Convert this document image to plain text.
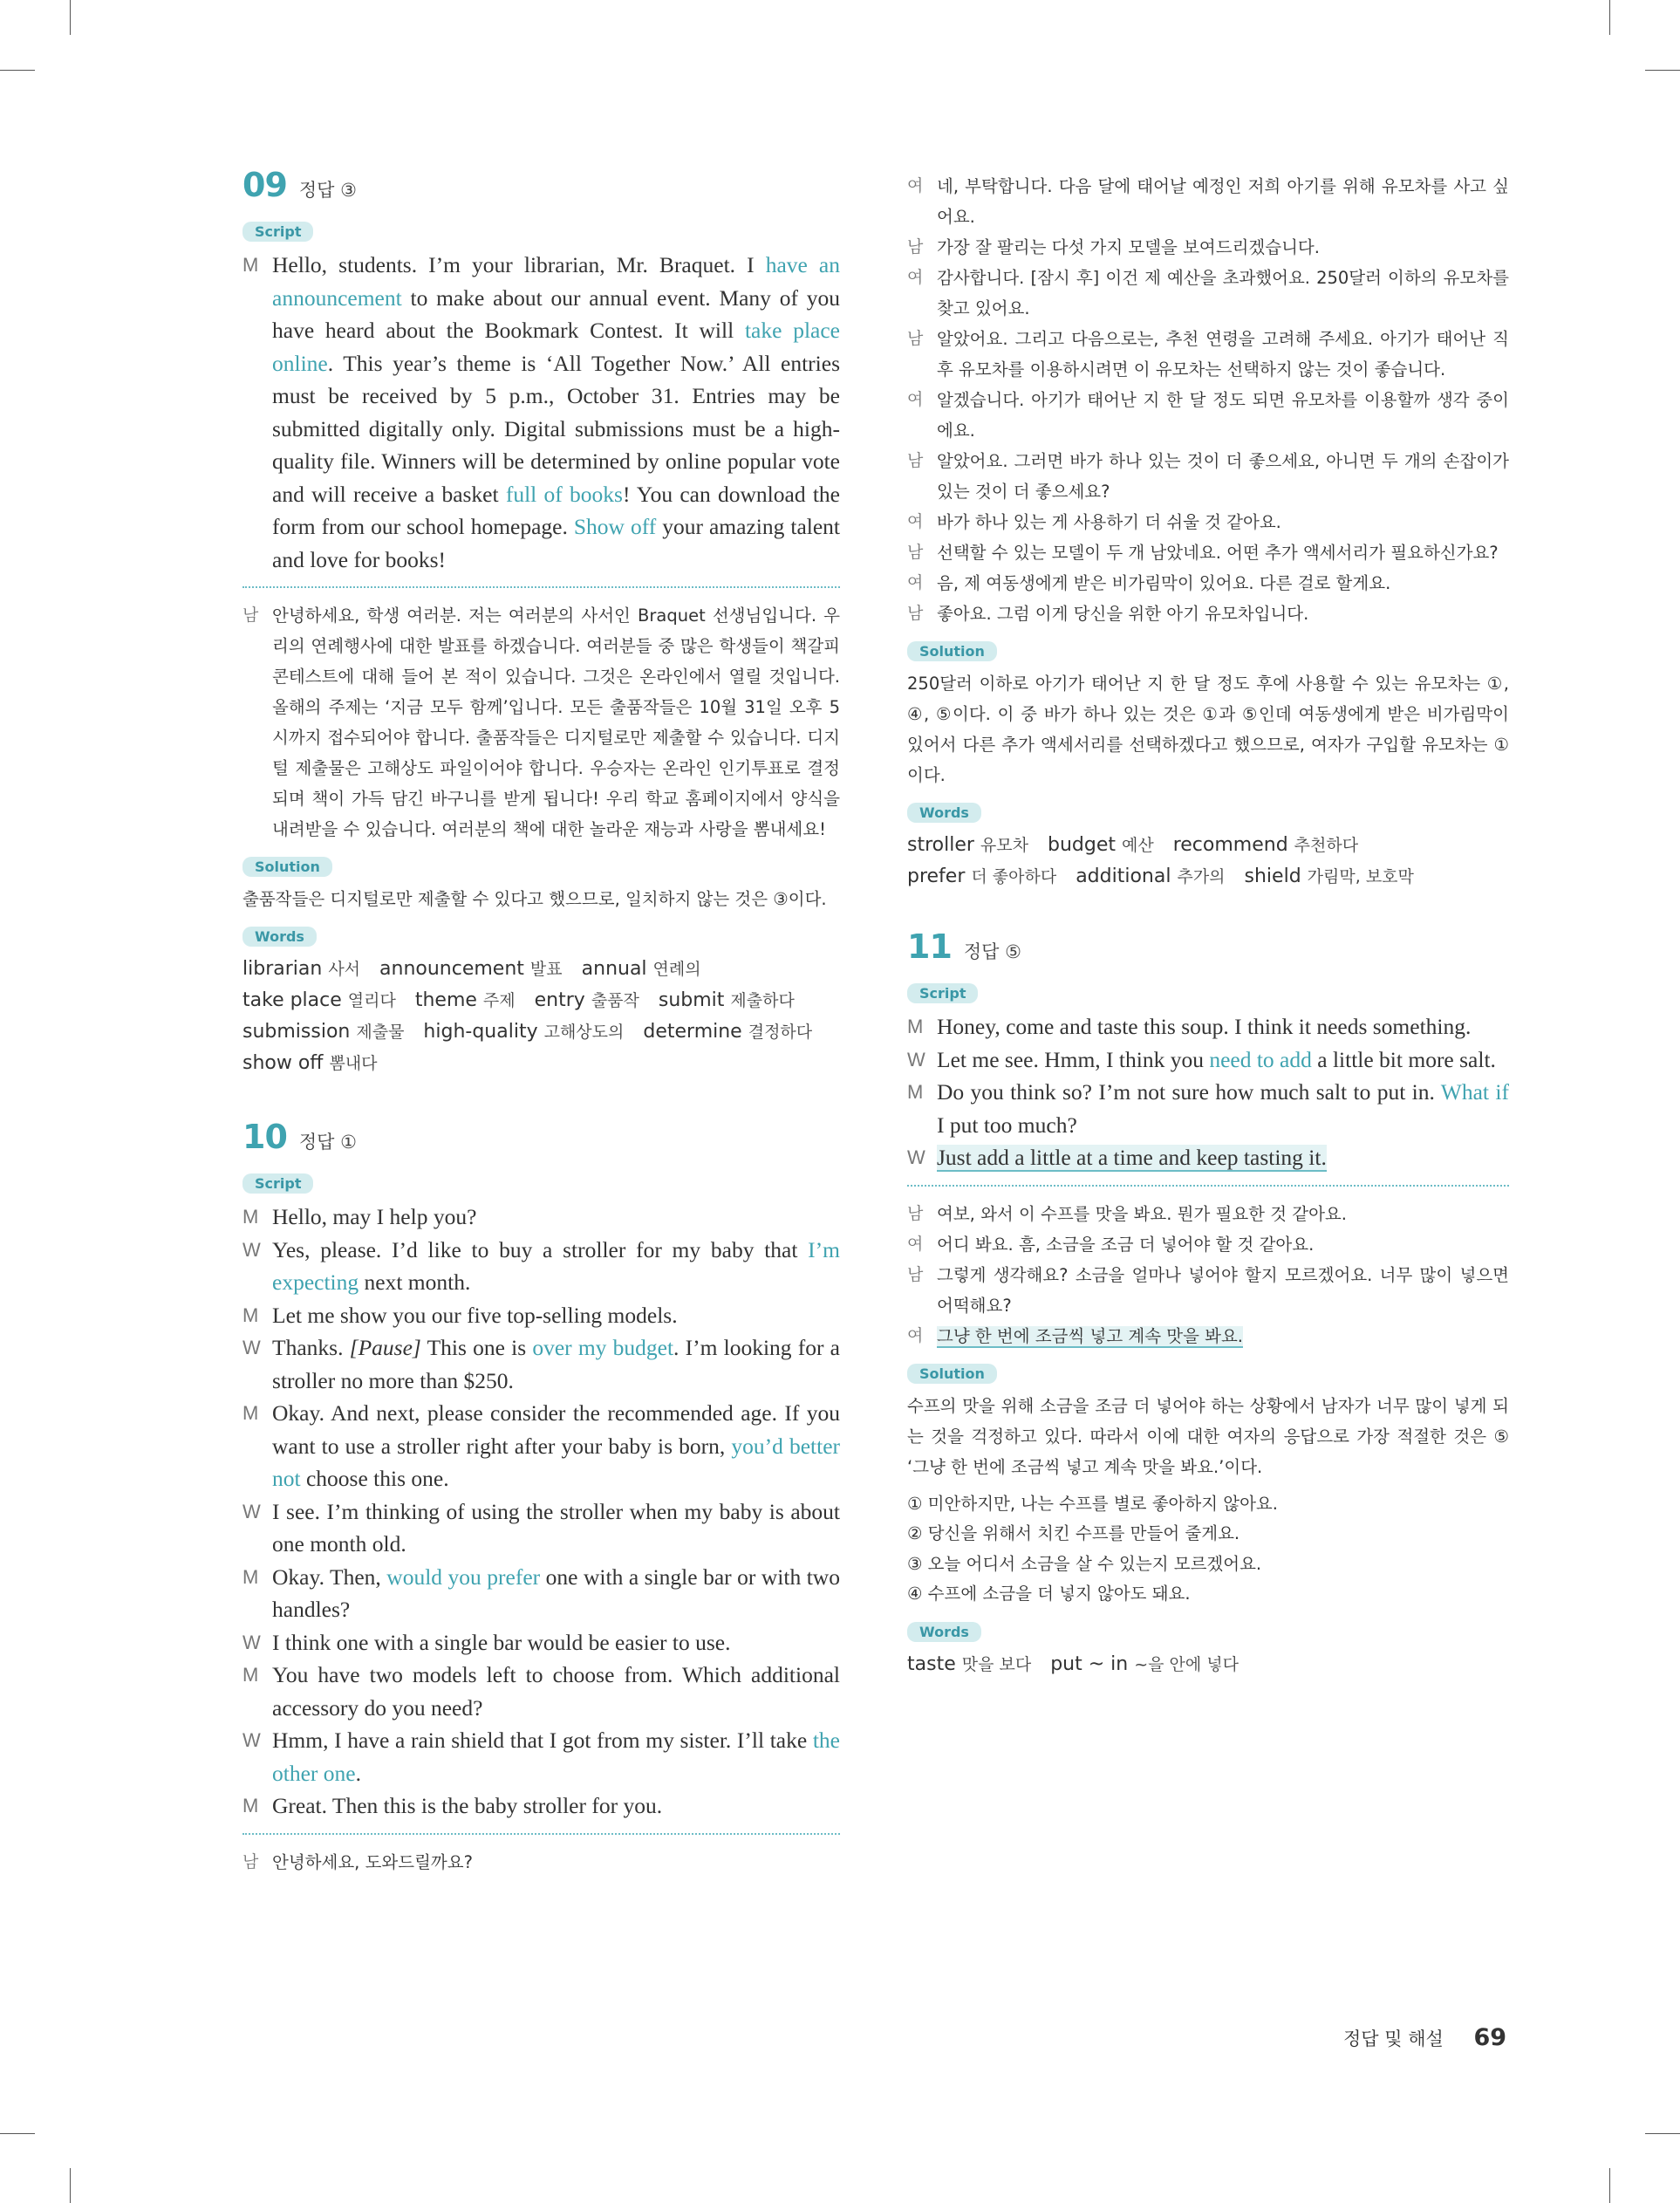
09 정답 ③
Script
M Hello, students. I’m your librarian, Mr. Braquet. I have an announcement to make about our annual event. Many of you have heard about the Bookmark Contest. It will take place online. This year’s theme is ‘All Together Now.’ All entries must be received by 5 p.m., October 31. Entries may be submitted digitally only. Digital submissions must be a high-quality file. Winners will be determined by online popular vote and will receive a basket full of books! You can download the form from our school homepage. Show off your amazing talent and love for books!
남 안녕하세요, 학생 여러분. 저는 여러분의 사서인 Braquet 선생님입니다. 우리의 연례행사에 대한 발표를 하겠습니다. 여러분들 중 많은 학생들이 책갈피 콘테스트에 대해 들어 본 적이 있습니다. 그것은 온라인에서 열릴 것입니다. 올해의 주제는 ‘지금 모두 함께’입니다. 모든 출품작들은 10월 31일 오후 5시까지 접수되어야 합니다. 출품작들은 디지털로만 제출할 수 있습니다. 디지털 제출물은 고해상도 파일이어야 합니다. 우승자는 온라인 인기투표로 결정되며 책이 가득 담긴 바구니를 받게 됩니다! 우리 학교 홈페이지에서 양식을 내려받을 수 있습니다. 여러분의 책에 대한 놀라운 재능과 사랑을 뽐내세요!
Solution
출품작들은 디지털로만 제출할 수 있다고 했으므로, 일치하지 않는 것은 ③이다.
Words
librarian 사서 announcement 발표 annual 연례의
take place 열리다 theme 주제 entry 출품작 submit 제출하다
submission 제출물 high-quality 고해상도의 determine 결정하다
show off 뽐내다
10 정답 ①
Script
M Hello, may I help you?
W Yes, please. I’d like to buy a stroller for my baby that I’m expecting next month.
M Let me show you our five top-selling models.
W Thanks. [Pause] This one is over my budget. I’m looking for a stroller no more than $250.
M Okay. And next, please consider the recommended age. If you want to use a stroller right after your baby is born, you’d better not choose this one.
W I see. I’m thinking of using the stroller when my baby is about one month old.
M Okay. Then, would you prefer one with a single bar or with two handles?
W I think one with a single bar would be easier to use.
M You have two models left to choose from. Which additional accessory do you need?
W Hmm, I have a rain shield that I got from my sister. I’ll take the other one.
M Great. Then this is the baby stroller for you.
남 안녕하세요, 도와드릴까요?
여 네, 부탁합니다. 다음 달에 태어날 예정인 저희 아기를 위해 유모차를 사고 싶어요.
남 가장 잘 팔리는 다섯 가지 모델을 보여드리겠습니다.
여 감사합니다. [잠시 후] 이건 제 예산을 초과했어요. 250달러 이하의 유모차를 찾고 있어요.
남 알았어요. 그리고 다음으로는, 추천 연령을 고려해 주세요. 아기가 태어난 직후 유모차를 이용하시려면 이 유모차는 선택하지 않는 것이 좋습니다.
여 알겠습니다. 아기가 태어난 지 한 달 정도 되면 유모차를 이용할까 생각 중이에요.
남 알았어요. 그러면 바가 하나 있는 것이 더 좋으세요, 아니면 두 개의 손잡이가 있는 것이 더 좋으세요?
여 바가 하나 있는 게 사용하기 더 쉬울 것 같아요.
남 선택할 수 있는 모델이 두 개 남았네요. 어떤 추가 액세서리가 필요하신가요?
여 음, 제 여동생에게 받은 비가림막이 있어요. 다른 걸로 할게요.
남 좋아요. 그럼 이게 당신을 위한 아기 유모차입니다.
Solution
250달러 이하로 아기가 태어난 지 한 달 정도 후에 사용할 수 있는 유모차는 ①, ④, ⑤이다. 이 중 바가 하나 있는 것은 ①과 ⑤인데 여동생에게 받은 비가림막이 있어서 다른 추가 액세서리를 선택하겠다고 했으므로, 여자가 구입할 유모차는 ①이다.
Words
stroller 유모차 budget 예산 recommend 추천하다
prefer 더 좋아하다 additional 추가의 shield 가림막, 보호막
11 정답 ⑤
Script
M Honey, come and taste this soup. I think it needs something.
W Let me see. Hmm, I think you need to add a little bit more salt.
M Do you think so? I’m not sure how much salt to put in. What if I put too much?
W Just add a little at a time and keep tasting it.
남 여보, 와서 이 수프를 맛을 봐요. 뭔가 필요한 것 같아요.
여 어디 봐요. 흠, 소금을 조금 더 넣어야 할 것 같아요.
남 그렇게 생각해요? 소금을 얼마나 넣어야 할지 모르겠어요. 너무 많이 넣으면 어떡해요?
여 그냥 한 번에 조금씩 넣고 계속 맛을 봐요.
Solution
수프의 맛을 위해 소금을 조금 더 넣어야 하는 상황에서 남자가 너무 많이 넣게 되는 것을 걱정하고 있다. 따라서 이에 대한 여자의 응답으로 가장 적절한 것은 ⑤ ‘그냥 한 번에 조금씩 넣고 계속 맛을 봐요.’이다.
① 미안하지만, 나는 수프를 별로 좋아하지 않아요.
② 당신을 위해서 치킨 수프를 만들어 줄게요.
③ 오늘 어디서 소금을 살 수 있는지 모르겠어요.
④ 수프에 소금을 더 넣지 않아도 돼요.
Words
taste 맛을 보다 put ~ in ~을 안에 넣다
정답 및 해설 69
